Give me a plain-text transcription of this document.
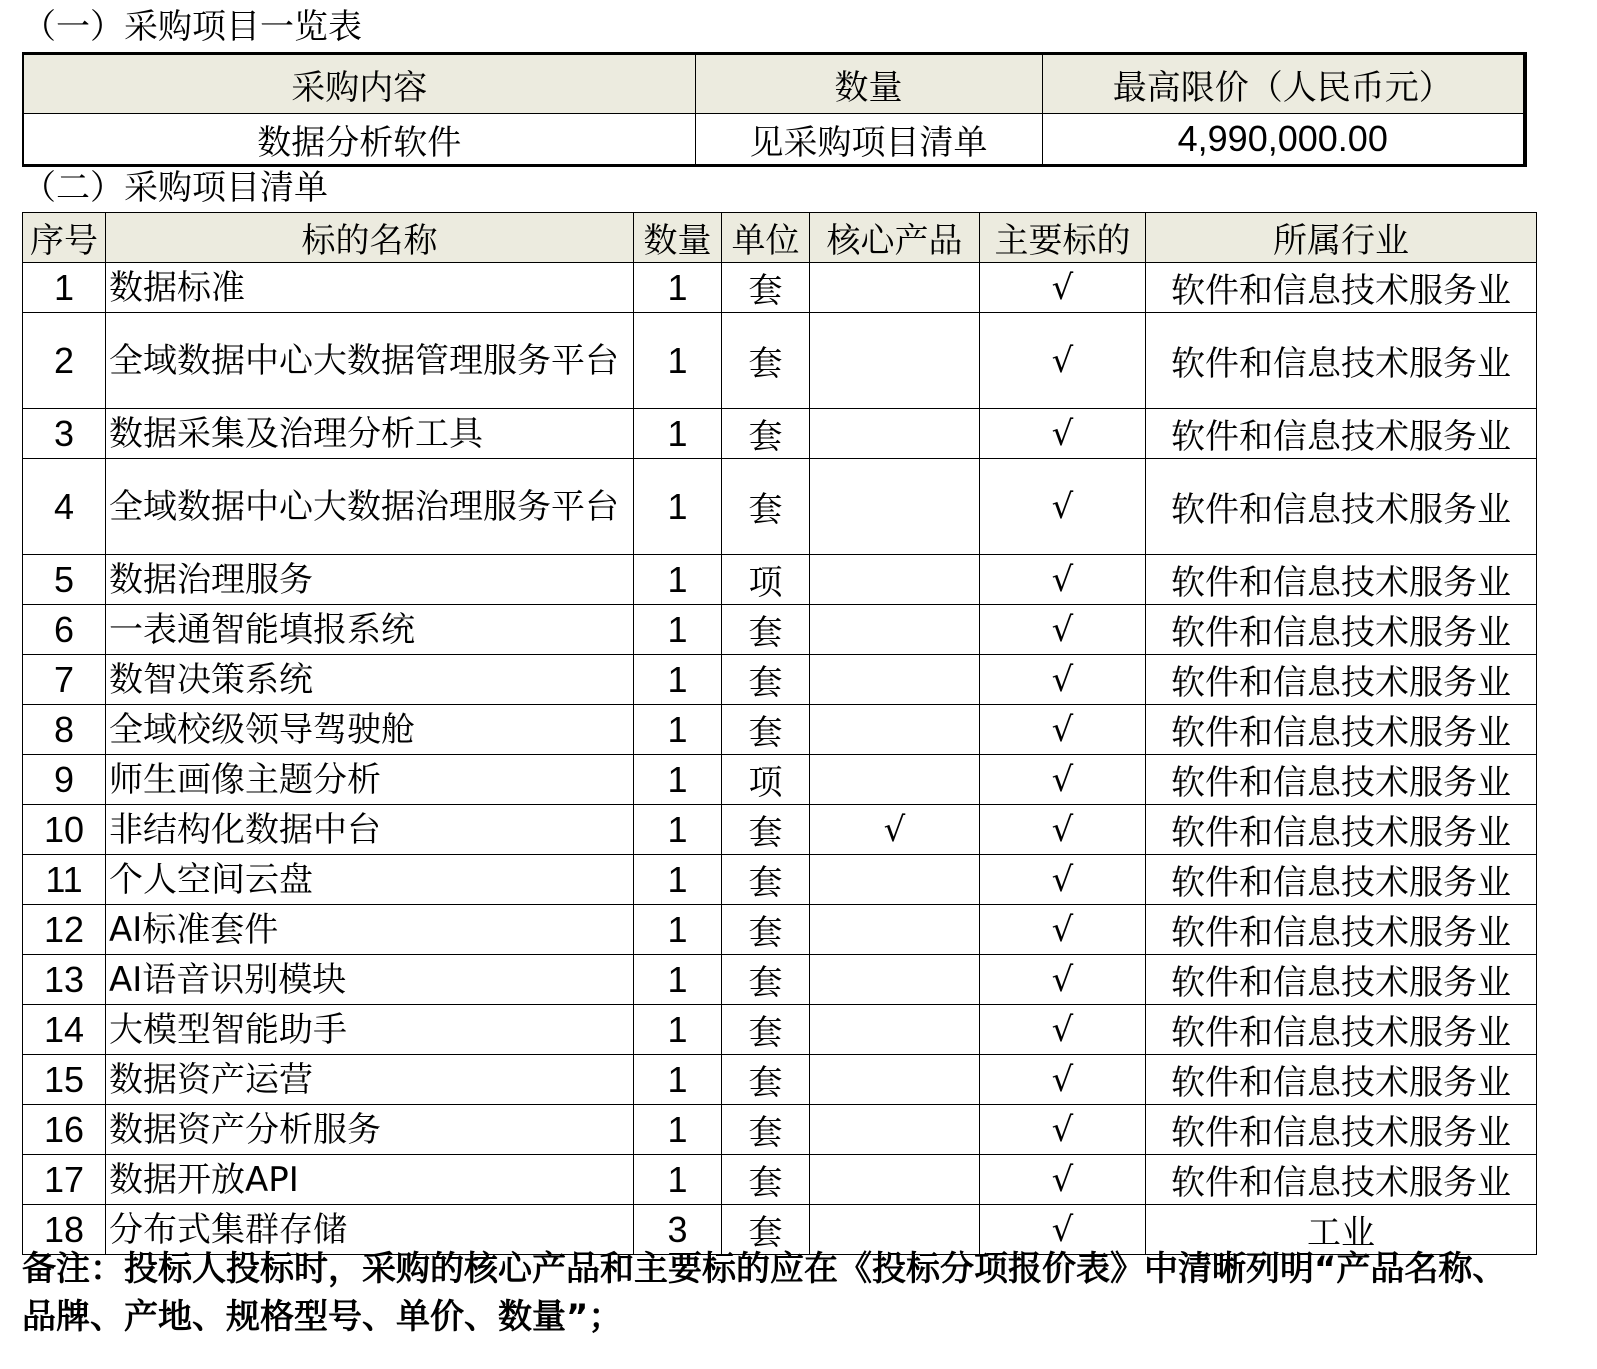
（一）采购项目一览表
采购内容	数量	最高限价（人民币元）
数据分析软件	见采购项目清单	4,990,000.00
（二）采购项目清单
序号	标的名称	数量	单位	核心产品	主要标的	所属行业
1	数据标准	1	套		√	软件和信息技术服务业
2	全域数据中心大数据管理服务平台	1	套		√	软件和信息技术服务业
3	数据采集及治理分析工具	1	套		√	软件和信息技术服务业
4	全域数据中心大数据治理服务平台	1	套		√	软件和信息技术服务业
5	数据治理服务	1	项		√	软件和信息技术服务业
6	一表通智能填报系统	1	套		√	软件和信息技术服务业
7	数智决策系统	1	套		√	软件和信息技术服务业
8	全域校级领导驾驶舱	1	套		√	软件和信息技术服务业
9	师生画像主题分析	1	项		√	软件和信息技术服务业
10	非结构化数据中台	1	套	√	√	软件和信息技术服务业
11	个人空间云盘	1	套		√	软件和信息技术服务业
12	AI标准套件	1	套		√	软件和信息技术服务业
13	AI语音识别模块	1	套		√	软件和信息技术服务业
14	大模型智能助手	1	套		√	软件和信息技术服务业
15	数据资产运营	1	套		√	软件和信息技术服务业
16	数据资产分析服务	1	套		√	软件和信息技术服务业
17	数据开放API	1	套		√	软件和信息技术服务业
18	分布式集群存储	3	套		√	工业
备注：投标人投标时，采购的核心产品和主要标的应在《投标分项报价表》中清晰列明“产品名称、品牌、产地、规格型号、单价、数量”；
